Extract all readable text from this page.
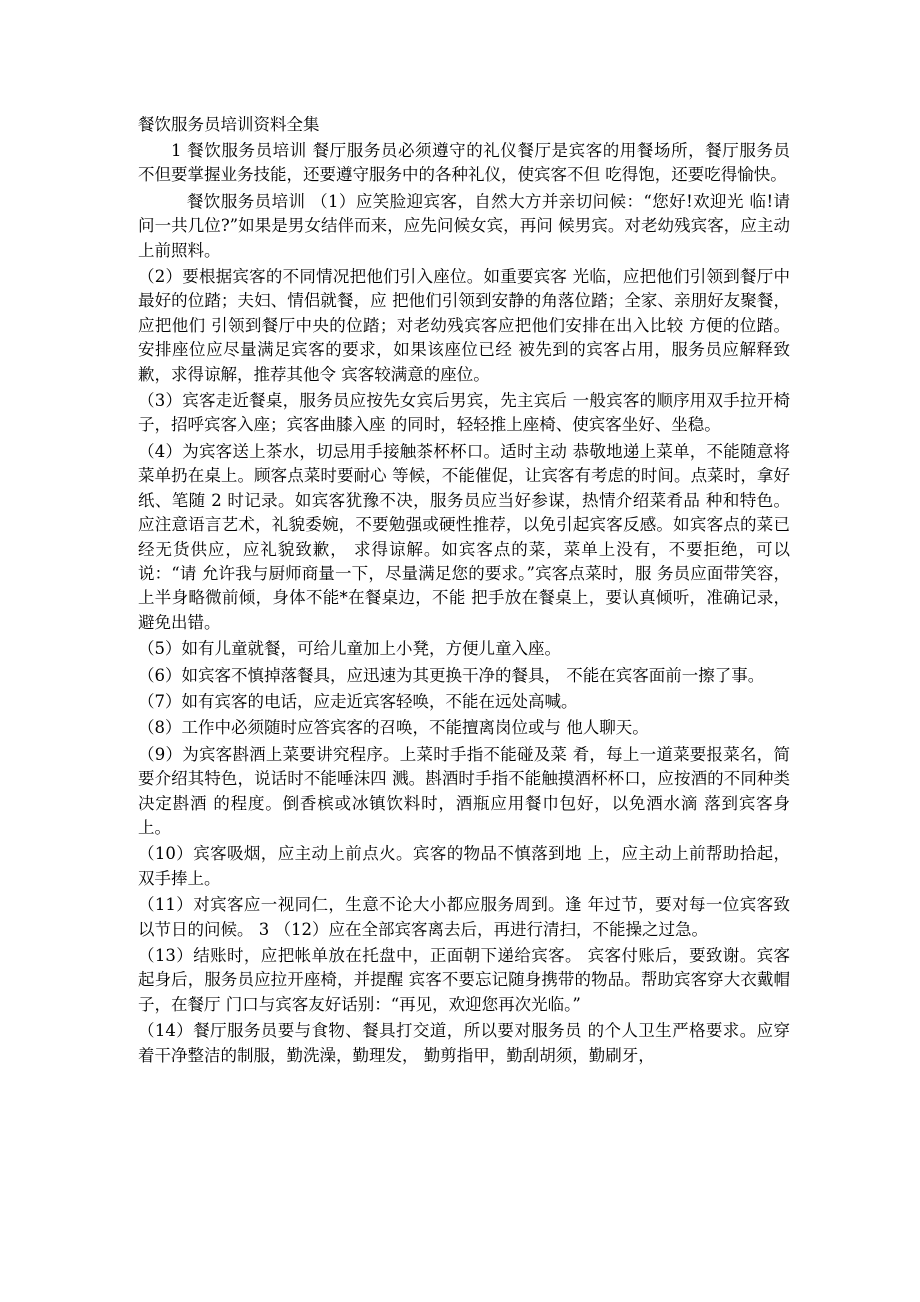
餐饮服务员培训资料全集

1 餐饮服务员培训 餐厅服务员必须遵守的礼仪餐厅是宾客的用餐场所，餐厅服务员 不但要掌握业务技能，还要遵守服务中的各种礼仪，使宾客不但 吃得饱，还要吃得愉快。

餐饮服务员培训 （1）应笑脸迎宾客，自然大方并亲切问候：“您好!欢迎光 临!请问一共几位?”如果是男女结伴而来，应先问候女宾，再问 候男宾。对老幼残宾客，应主动上前照料。

（2）要根据宾客的不同情况把他们引入座位。如重要宾客 光临，应把他们引领到餐厅中最好的位踏；夫妇、情侣就餐，应 把他们引领到安静的角落位踏；全家、亲朋好友聚餐，应把他们 引领到餐厅中央的位踏；对老幼残宾客应把他们安排在出入比较 方便的位踏。安排座位应尽量满足宾客的要求，如果该座位已经 被先到的宾客占用，服务员应解释致歉，求得谅解，推荐其他令 宾客较满意的座位。

（3）宾客走近餐桌，服务员应按先女宾后男宾，先主宾后 一般宾客的顺序用双手拉开椅子，招呼宾客入座；宾客曲膝入座 的同时，轻轻推上座椅、使宾客坐好、坐稳。

（4）为宾客送上茶水，切忌用手接触茶杯杯口。适时主动 恭敬地递上菜单，不能随意将菜单扔在桌上。顾客点菜时要耐心 等候，不能催促，让宾客有考虑的时间。点菜时，拿好纸、笔随 2 时记录。如宾客犹豫不决，服务员应当好参谋，热情介绍菜肴品 种和特色。应注意语言艺术，礼貌委婉，不要勉强或硬性推荐，以免引起宾客反感。如宾客点的菜已经无货供应，应礼貌致歉， 求得谅解。如宾客点的菜，菜单上没有，不要拒绝，可以说：“请 允许我与厨师商量一下，尽量满足您的要求。”宾客点菜时，服 务员应面带笑容，上半身略微前倾，身体不能*在餐桌边，不能 把手放在餐桌上，要认真倾听，准确记录，避免出错。

（5）如有儿童就餐，可给儿童加上小凳，方便儿童入座。

（6）如宾客不慎掉落餐具，应迅速为其更换干净的餐具， 不能在宾客面前一擦了事。

（7）如有宾客的电话，应走近宾客轻唤，不能在远处高喊。

（8）工作中必须随时应答宾客的召唤，不能擅离岗位或与 他人聊天。

（9）为宾客斟酒上菜要讲究程序。上菜时手指不能碰及菜 肴，每上一道菜要报菜名，简要介绍其特色，说话时不能唾沫四 溅。斟酒时手指不能触摸酒杯杯口，应按酒的不同种类决定斟酒 的程度。倒香槟或冰镇饮料时，酒瓶应用餐巾包好，以免酒水滴 落到宾客身上。

（10）宾客吸烟，应主动上前点火。宾客的物品不慎落到地 上，应主动上前帮助拾起，双手捧上。

（11）对宾客应一视同仁，生意不论大小都应服务周到。逢 年过节，要对每一位宾客致以节日的问候。 3 （12）应在全部宾客离去后，再进行清扫，不能操之过急。

（13）结账时，应把帐单放在托盘中，正面朝下递给宾客。 宾客付账后，要致谢。宾客起身后，服务员应拉开座椅，并提醒 宾客不要忘记随身携带的物品。帮助宾客穿大衣戴帽子，在餐厅 门口与宾客友好话别：“再见，欢迎您再次光临。”

（14）餐厅服务员要与食物、餐具打交道，所以要对服务员 的个人卫生严格要求。应穿着干净整洁的制服，勤洗澡，勤理发， 勤剪指甲，勤刮胡须，勤刷牙，
